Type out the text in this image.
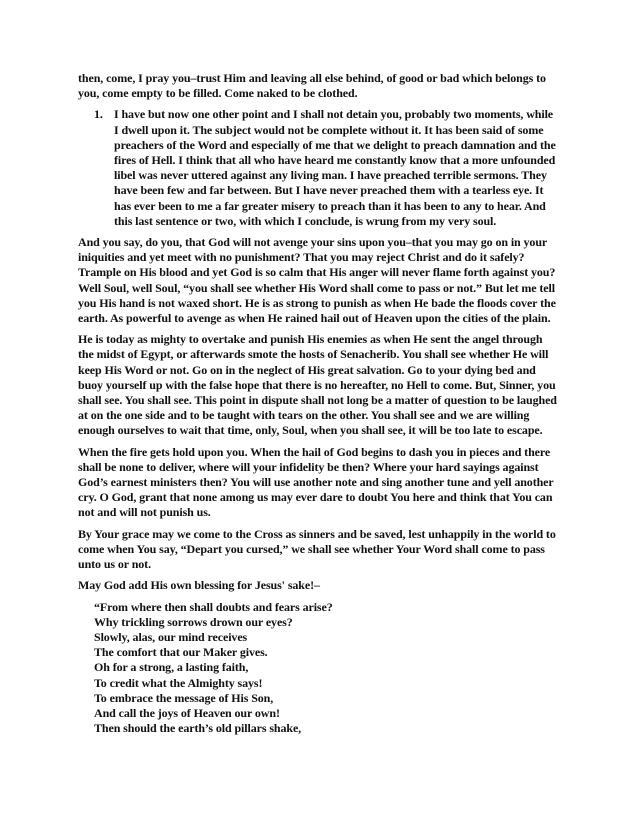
then, come, I pray you–trust Him and leaving all else behind, of good or bad which belongs to you, come empty to be filled. Come naked to be clothed.

1. I have but now one other point and I shall not detain you, probably two moments, while I dwell upon it. The subject would not be complete without it. It has been said of some preachers of the Word and especially of me that we delight to preach damnation and the fires of Hell. I think that all who have heard me constantly know that a more unfounded libel was never uttered against any living man. I have preached terrible sermons. They have been few and far between. But I have never preached them with a tearless eye. It has ever been to me a far greater misery to preach than it has been to any to hear. And this last sentence or two, with which I conclude, is wrung from my very soul.

And you say, do you, that God will not avenge your sins upon you–that you may go on in your iniquities and yet meet with no punishment? That you may reject Christ and do it safely? Trample on His blood and yet God is so calm that His anger will never flame forth against you? Well Soul, well Soul, “you shall see whether His Word shall come to pass or not.” But let me tell you His hand is not waxed short. He is as strong to punish as when He bade the floods cover the earth. As powerful to avenge as when He rained hail out of Heaven upon the cities of the plain.

He is today as mighty to overtake and punish His enemies as when He sent the angel through the midst of Egypt, or afterwards smote the hosts of Senacherib. You shall see whether He will keep His Word or not. Go on in the neglect of His great salvation. Go to your dying bed and buoy yourself up with the false hope that there is no hereafter, no Hell to come. But, Sinner, you shall see. You shall see. This point in dispute shall not long be a matter of question to be laughed at on the one side and to be taught with tears on the other. You shall see and we are willing enough ourselves to wait that time, only, Soul, when you shall see, it will be too late to escape.

When the fire gets hold upon you. When the hail of God begins to dash you in pieces and there shall be none to deliver, where will your infidelity be then? Where your hard sayings against God’s earnest ministers then? You will use another note and sing another tune and yell another cry. O God, grant that none among us may ever dare to doubt You here and think that You can not and will not punish us.

By Your grace may we come to the Cross as sinners and be saved, lest unhappily in the world to come when You say, “Depart you cursed,” we shall see whether Your Word shall come to pass unto us or not.

May God add His own blessing for Jesus' sake!–

“From where then shall doubts and fears arise?
Why trickling sorrows drown our eyes?
Slowly, alas, our mind receives
The comfort that our Maker gives.
Oh for a strong, a lasting faith,
To credit what the Almighty says!
To embrace the message of His Son,
And call the joys of Heaven our own!
Then should the earth’s old pillars shake,
